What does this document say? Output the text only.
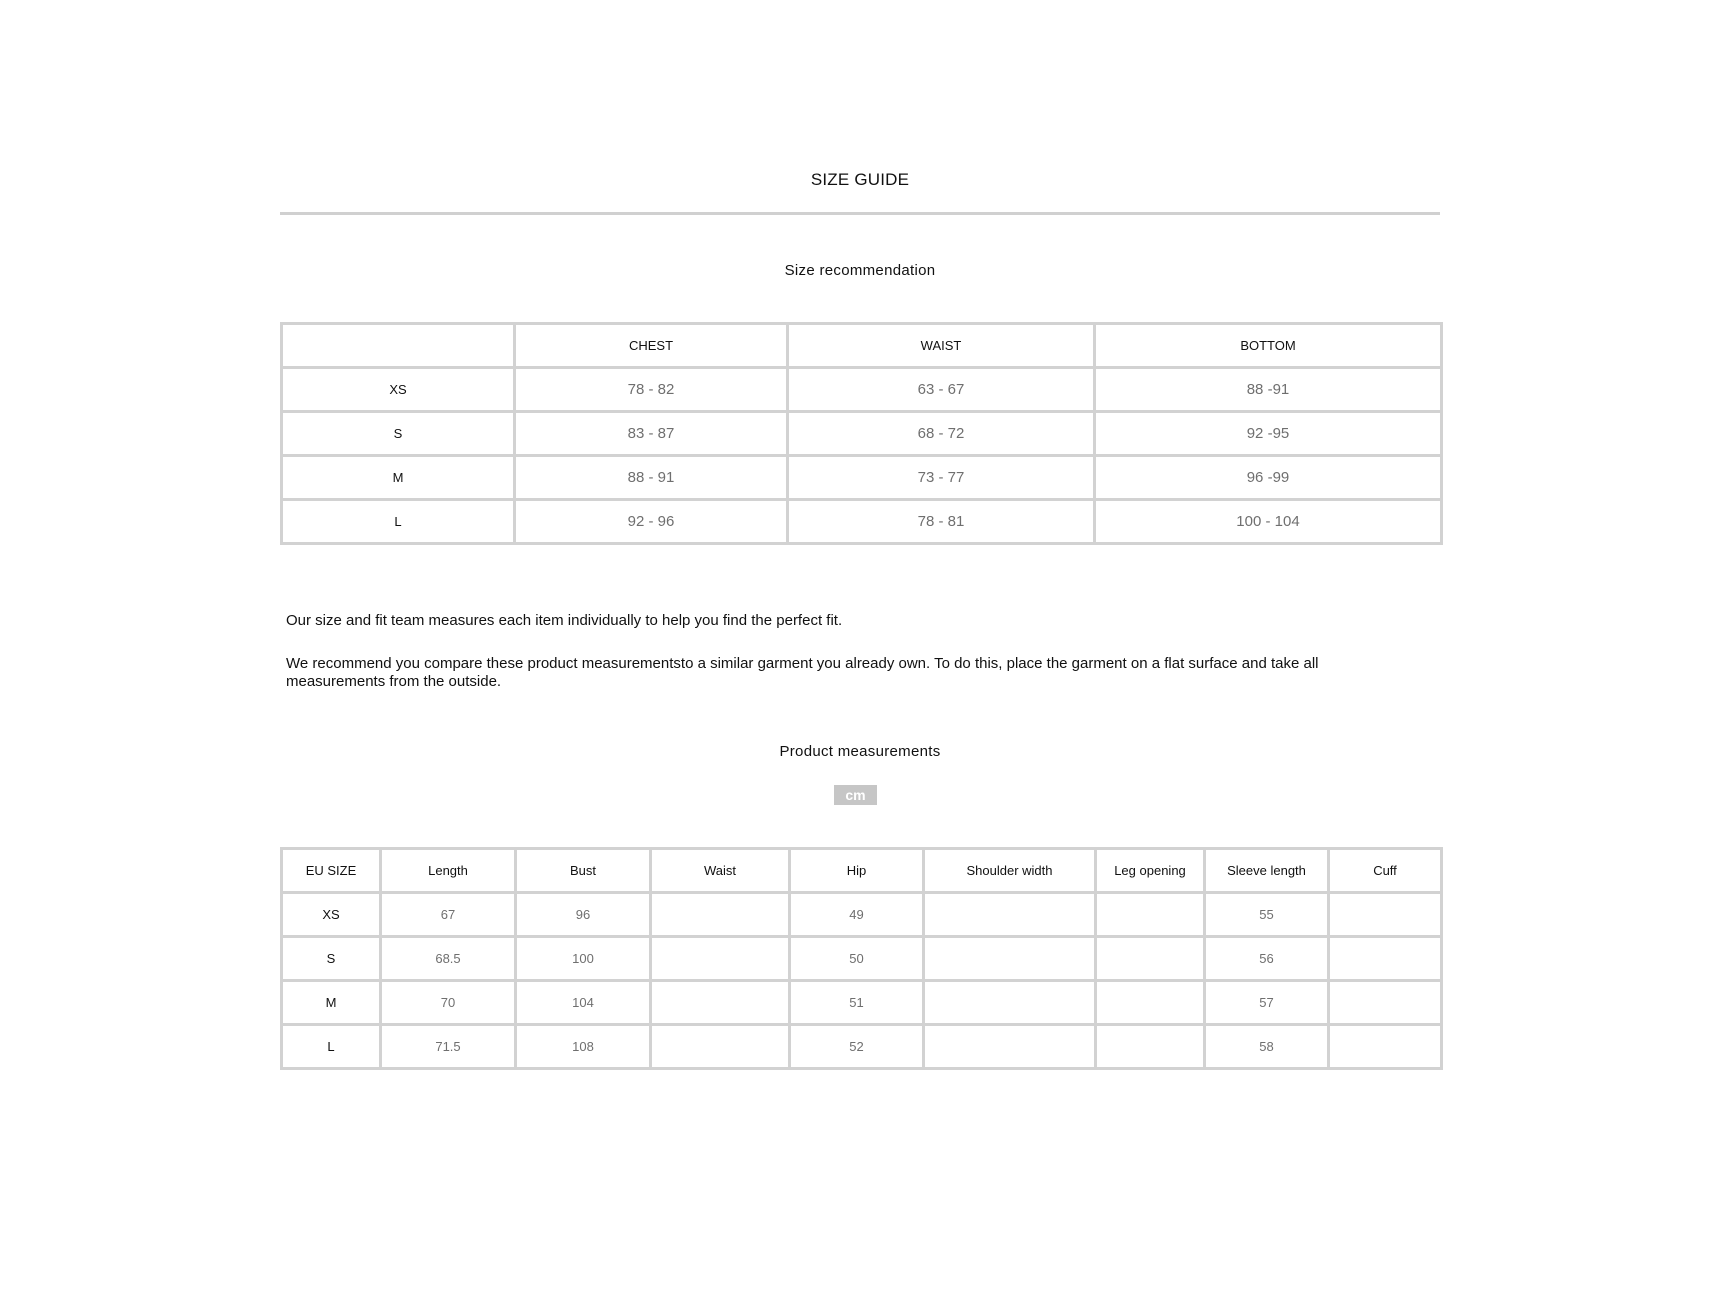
SIZE GUIDE
Size recommendation
	CHEST	WAIST	BOTTOM
XS	78 - 82	63 - 67	88 -91
S	83 - 87	68 - 72	92 -95
M	88 - 91	73 - 77	96 -99
L	92 - 96	78 - 81	100 - 104
Our size and fit team measures each item individually to help you find the perfect fit.
We recommend you compare these product measurementsto a similar garment you already own. To do this, place the garment on a flat surface and take all measurements from the outside.
Product measurements
cm
EU SIZE	Length	Bust	Waist	Hip	Shoulder width	Leg opening	Sleeve length	Cuff
XS	67	96		49			55	
S	68.5	100		50			56	
M	70	104		51			57	
L	71.5	108		52			58	
